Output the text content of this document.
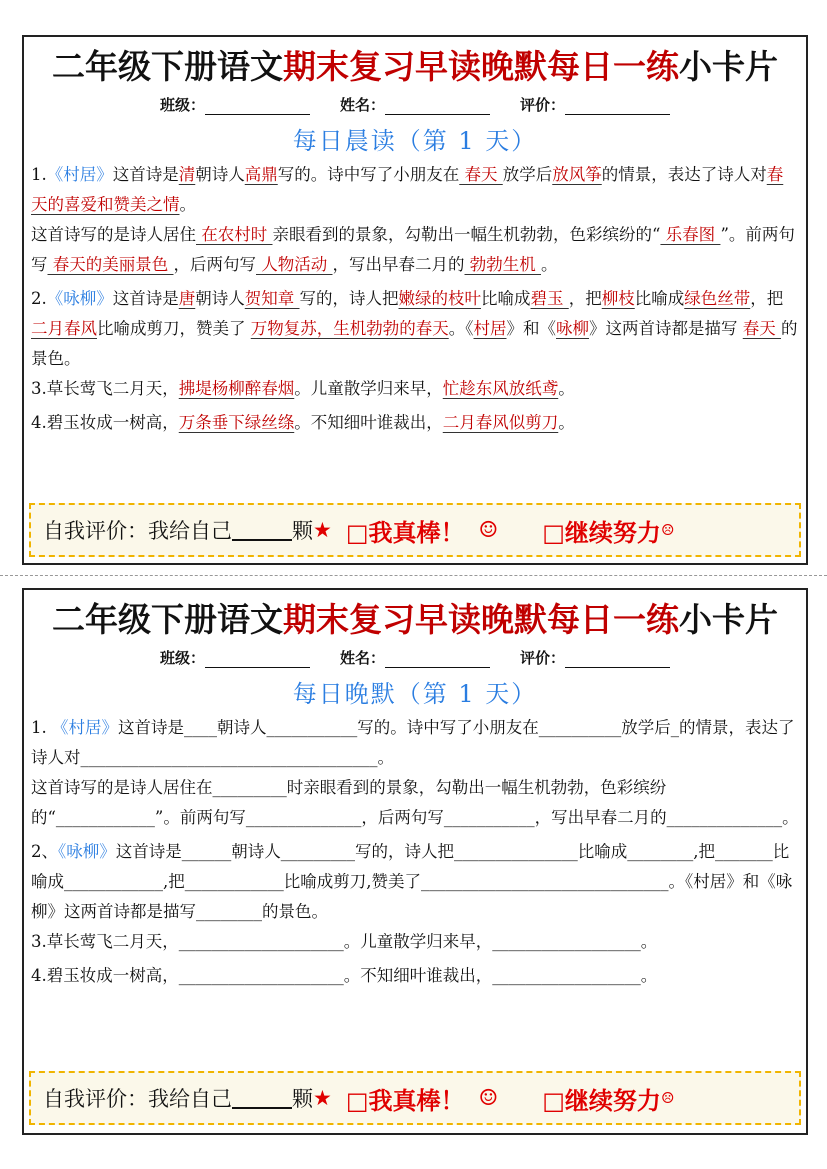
二年级下册语文期末复习早读晚默每日一练小卡片
班级：	姓名：	评价：
每日晨读（第 1 天）

1.《村居》这首诗是清朝诗人高鼎写的。诗中写了小朋友在 春天 放学后放风筝的情景，表达了诗人对春天的喜爱和赞美之情。

这首诗写的是诗人居住 在农村时 亲眼看到的景象，勾勒出一幅生机勃勃，色彩缤纷的“ 乐春图 ”。前两句写 春天的美丽景色 ，后两句写 人物活动 ，写出早春二月的 勃勃生机 。

2.《咏柳》这首诗是唐朝诗人贺知章 写的，诗人把嫩绿的枝叶比喻成碧玉 ，把柳枝比喻成绿色丝带，把二月春风比喻成剪刀，赞美了 万物复苏，生机勃勃的春天。《村居》和《咏柳》这两首诗都是描写 春天 的景色。

3.草长莺飞二月天，拂堤杨柳醉春烟。儿童散学归来早，忙趁东风放纸鸢。

4.碧玉妆成一树高，万条垂下绿丝绦。不知细叶谁裁出，二月春风似剪刀。

自我评价：我给自己	颗 ★ □我真棒！ ☺ □继续努力 ☹
二年级下册语文期末复习早读晚默每日一练小卡片
班级：	姓名：	评价：
每日晚默（第 1 天）

1. 《村居》这首诗是____朝诗人___________写的。诗中写了小朋友在__________放学后_的情景，表达了诗人对____________________________________。

这首诗写的是诗人居住在_________时亲眼看到的景象，勾勒出一幅生机勃勃，色彩缤纷的“____________”。前两句写______________，后两句写___________，写出早春二月的______________。

2、《咏柳》这首诗是______朝诗人_________写的，诗人把_______________比喻成________,把_______比喻成____________,把____________比喻成剪刀,赞美了______________________________。《村居》和《咏柳》这两首诗都是描写________的景色。

3.草长莺飞二月天，____________________。儿童散学归来早，__________________。

4.碧玉妆成一树高，____________________。不知细叶谁裁出，__________________。

自我评价：我给自己	颗 ★ □我真棒！ ☺ □继续努力 ☹
